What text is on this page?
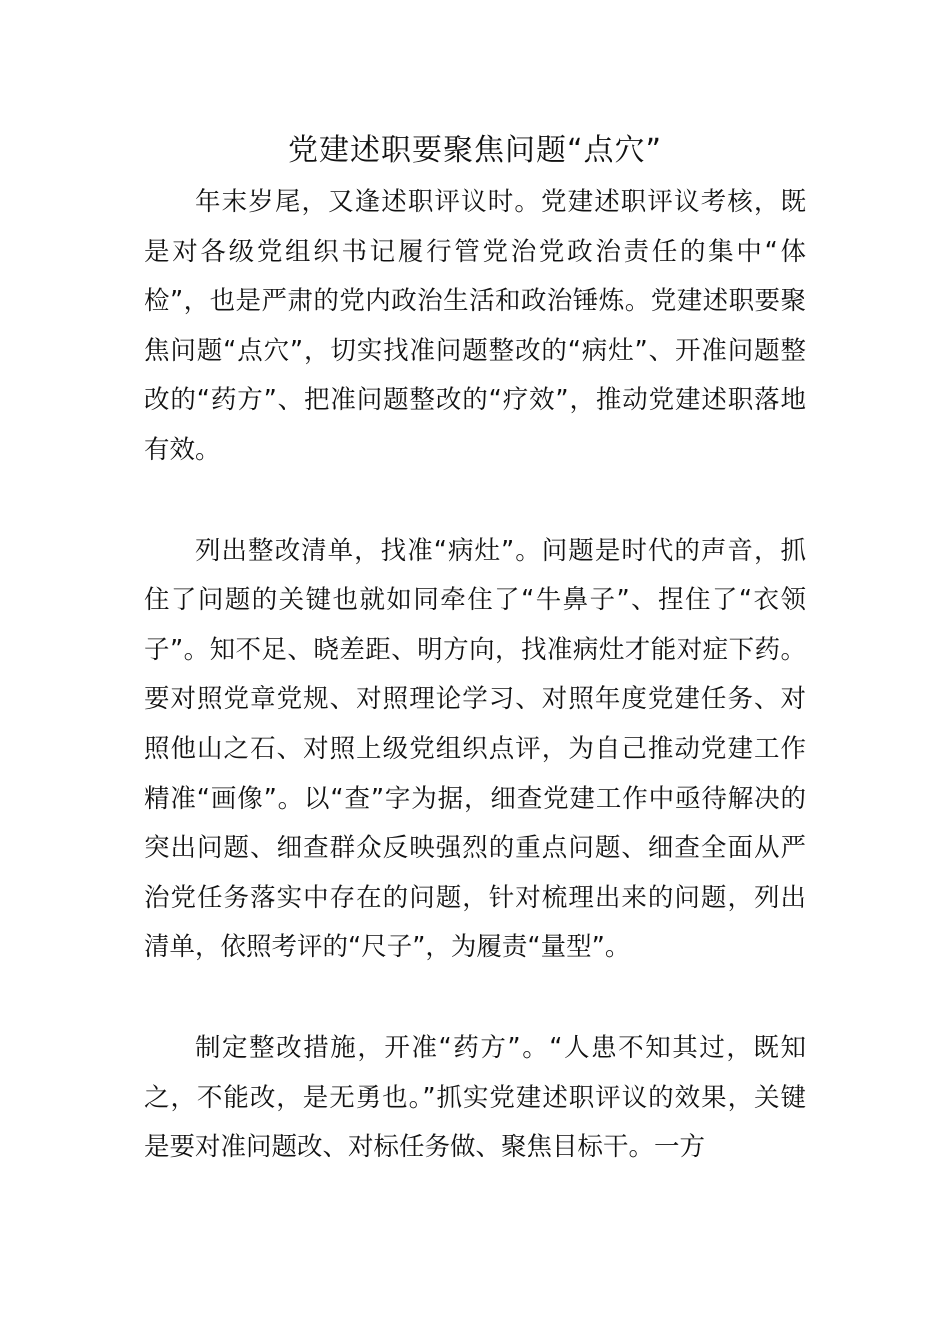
党建述职要聚焦问题“点穴”

年末岁尾，又逢述职评议时。党建述职评议考核，既是对各级党组织书记履行管党治党政治责任的集中“体检”，也是严肃的党内政治生活和政治锤炼。党建述职要聚焦问题“点穴”，切实找准问题整改的“病灶”、开准问题整改的“药方”、把准问题整改的“疗效”，推动党建述职落地有效。

列出整改清单，找准“病灶”。问题是时代的声音，抓住了问题的关键也就如同牵住了“牛鼻子”、捏住了“衣领子”。知不足、晓差距、明方向，找准病灶才能对症下药。要对照党章党规、对照理论学习、对照年度党建任务、对照他山之石、对照上级党组织点评，为自己推动党建工作精准“画像”。以“查”字为据，细查党建工作中亟待解决的突出问题、细查群众反映强烈的重点问题、细查全面从严治党任务落实中存在的问题，针对梳理出来的问题，列出清单，依照考评的“尺子”，为履责“量型”。

制定整改措施，开准“药方”。“人患不知其过，既知之，不能改，是无勇也。”抓实党建述职评议的效果，关键是要对准问题改、对标任务做、聚焦目标干。一方
